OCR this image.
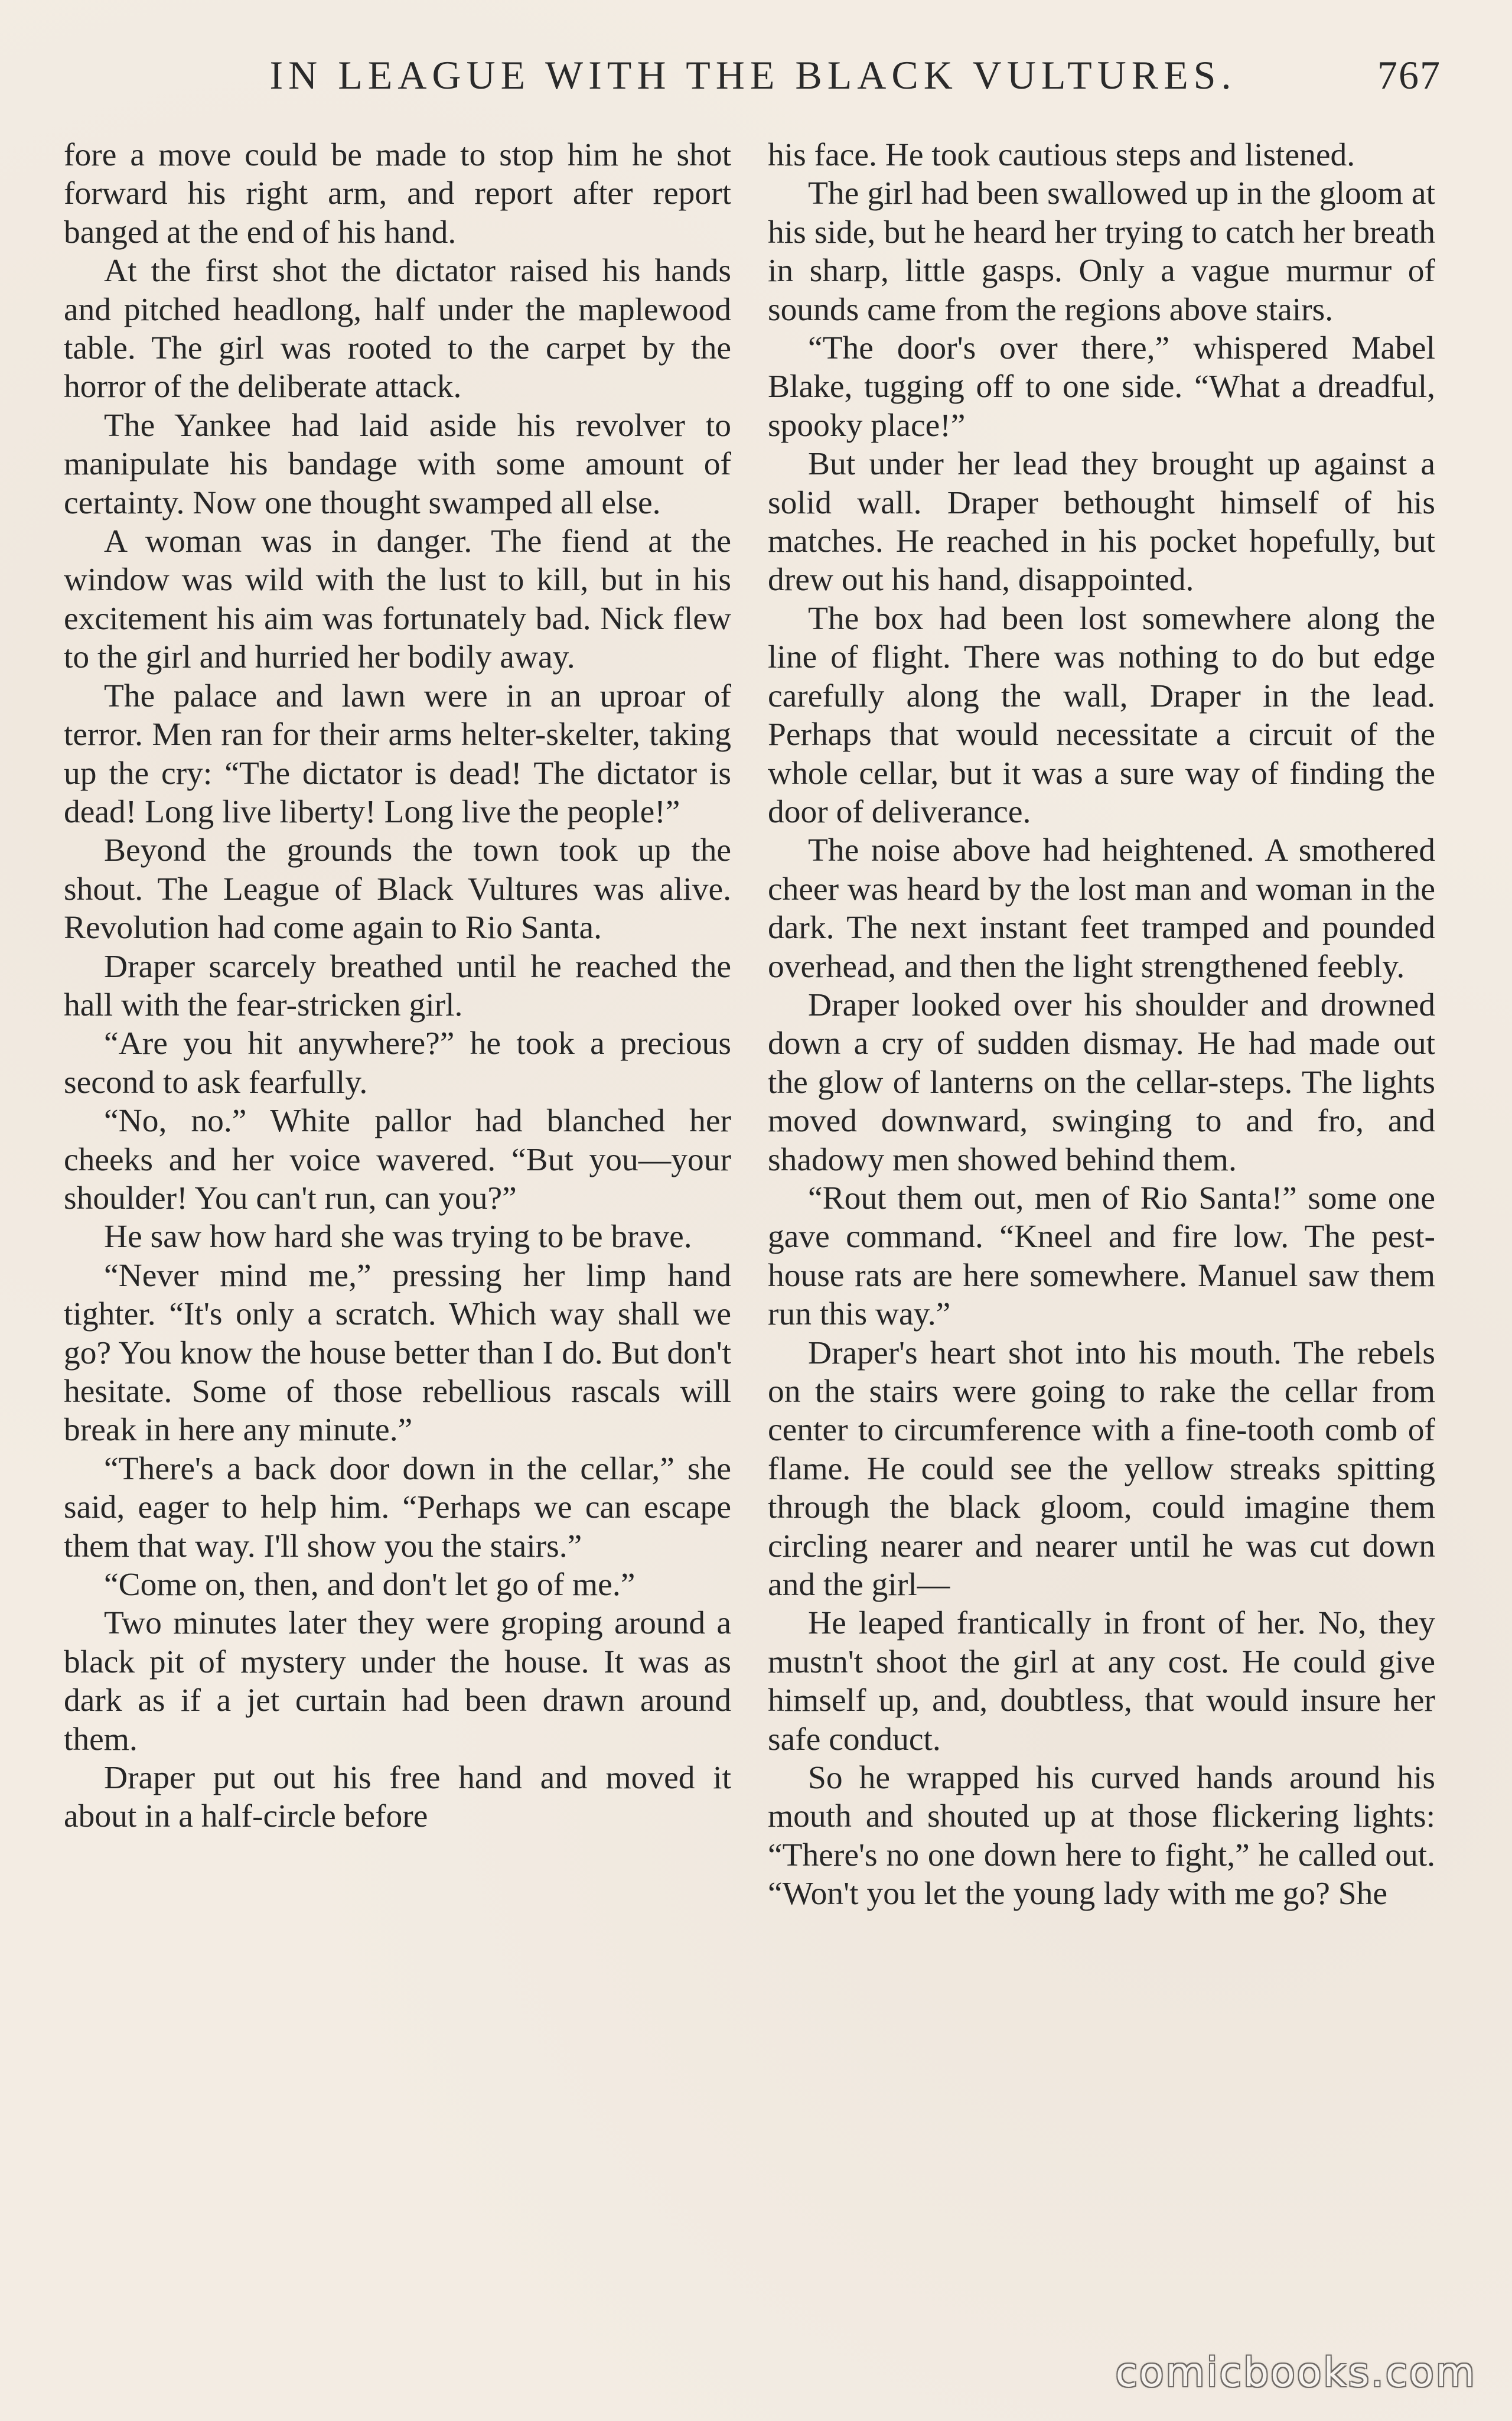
IN LEAGUE WITH THE BLACK VULTURES.	767

fore a move could be made to stop him he shot forward his right arm, and report after report banged at the end of his hand.

At the first shot the dictator raised his hands and pitched headlong, half under the maplewood table. The girl was rooted to the carpet by the horror of the deliberate attack.

The Yankee had laid aside his revolver to manipulate his bandage with some amount of certainty. Now one thought swamped all else.

A woman was in danger. The fiend at the window was wild with the lust to kill, but in his excitement his aim was fortunately bad. Nick flew to the girl and hurried her bodily away.

The palace and lawn were in an uproar of terror. Men ran for their arms helter-skelter, taking up the cry: “The dictator is dead! The dictator is dead! Long live liberty! Long live the people!”

Beyond the grounds the town took up the shout. The League of Black Vultures was alive. Revolution had come again to Rio Santa.

Draper scarcely breathed until he reached the hall with the fear-stricken girl.

“Are you hit anywhere?” he took a precious second to ask fearfully.

“No, no.” White pallor had blanched her cheeks and her voice wavered. “But you—your shoulder! You can't run, can you?”

He saw how hard she was trying to be brave.

“Never mind me,” pressing her limp hand tighter. “It's only a scratch. Which way shall we go? You know the house better than I do. But don't hesitate. Some of those rebellious rascals will break in here any minute.”

“There's a back door down in the cellar,” she said, eager to help him. “Perhaps we can escape them that way. I'll show you the stairs.”

“Come on, then, and don't let go of me.”

Two minutes later they were groping around a black pit of mystery under the house. It was as dark as if a jet curtain had been drawn around them.

Draper put out his free hand and moved it about in a half-circle before

his face. He took cautious steps and listened.

The girl had been swallowed up in the gloom at his side, but he heard her trying to catch her breath in sharp, little gasps. Only a vague murmur of sounds came from the regions above stairs.

“The door's over there,” whispered Mabel Blake, tugging off to one side. “What a dreadful, spooky place!”

But under her lead they brought up against a solid wall. Draper bethought himself of his matches. He reached in his pocket hopefully, but drew out his hand, disappointed.

The box had been lost somewhere along the line of flight. There was nothing to do but edge carefully along the wall, Draper in the lead. Perhaps that would necessitate a circuit of the whole cellar, but it was a sure way of finding the door of deliverance.

The noise above had heightened. A smothered cheer was heard by the lost man and woman in the dark. The next instant feet tramped and pounded overhead, and then the light strengthened feebly.

Draper looked over his shoulder and drowned down a cry of sudden dismay. He had made out the glow of lanterns on the cellar-steps. The lights moved downward, swinging to and fro, and shadowy men showed behind them.

“Rout them out, men of Rio Santa!” some one gave command. “Kneel and fire low. The pest-house rats are here somewhere. Manuel saw them run this way.”

Draper's heart shot into his mouth. The rebels on the stairs were going to rake the cellar from center to circumference with a fine-tooth comb of flame. He could see the yellow streaks spitting through the black gloom, could imagine them circling nearer and nearer until he was cut down and the girl—

He leaped frantically in front of her. No, they mustn't shoot the girl at any cost. He could give himself up, and, doubtless, that would insure her safe conduct.

So he wrapped his curved hands around his mouth and shouted up at those flickering lights: “There's no one down here to fight,” he called out. “Won't you let the young lady with me go? She

comicbooks.com
